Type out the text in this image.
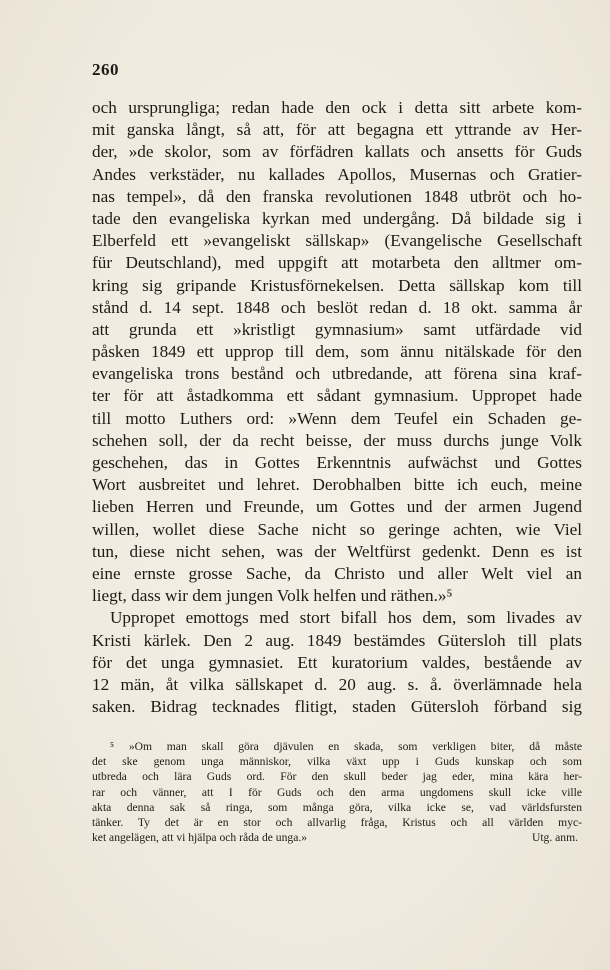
260
och ursprungliga; redan hade den ock i detta sitt arbete kom-
mit ganska långt, så att, för att begagna ett yttrande av Her-
der, »de skolor, som av förfädren kallats och ansetts för Guds
Andes verkstäder, nu kallades Apollos, Musernas och Gratier-
nas tempel», då den franska revolutionen 1848 utbröt och ho-
tade den evangeliska kyrkan med undergång. Då bildade sig i
Elberfeld ett »evangeliskt sällskap» (Evangelische Gesellschaft
für Deutschland), med uppgift att motarbeta den alltmer om-
kring sig gripande Kristusförnekelsen. Detta sällskap kom till
stånd d. 14 sept. 1848 och beslöt redan d. 18 okt. samma år
att grunda ett »kristligt gymnasium» samt utfärdade vid
påsken 1849 ett upprop till dem, som ännu nitälskade för den
evangeliska trons bestånd och utbredande, att förena sina kraf-
ter för att åstadkomma ett sådant gymnasium. Uppropet hade
till motto Luthers ord: »Wenn dem Teufel ein Schaden ge-
schehen soll, der da recht beisse, der muss durchs junge Volk
geschehen, das in Gottes Erkenntnis aufwächst und Gottes
Wort ausbreitet und lehret. Derobhalben bitte ich euch, meine
lieben Herren und Freunde, um Gottes und der armen Jugend
willen, wollet diese Sache nicht so geringe achten, wie Viel
tun, diese nicht sehen, was der Weltfürst gedenkt. Denn es ist
eine ernste grosse Sache, da Christo und aller Welt viel an
liegt, dass wir dem jungen Volk helfen und räthen.»⁵
Uppropet emottogs med stort bifall hos dem, som livades av
Kristi kärlek. Den 2 aug. 1849 bestämdes Gütersloh till plats
för det unga gymnasiet. Ett kuratorium valdes, bestående av
12 män, åt vilka sällskapet d. 20 aug. s. å. överlämnade hela
saken. Bidrag tecknades flitigt, staden Gütersloh förband sig
⁵ »Om man skall göra djävulen en skada, som verkligen biter, då måste
det ske genom unga människor, vilka växt upp i Guds kunskap och som
utbreda och lära Guds ord. För den skull beder jag eder, mina kära her-
rar och vänner, att I för Guds och den arma ungdomens skull icke ville
akta denna sak så ringa, som många göra, vilka icke se, vad världsfursten
tänker. Ty det är en stor och allvarlig fråga, Kristus och all världen myc-
ket angelägen, att vi hjälpa och råda de unga.»	Utg. anm.
